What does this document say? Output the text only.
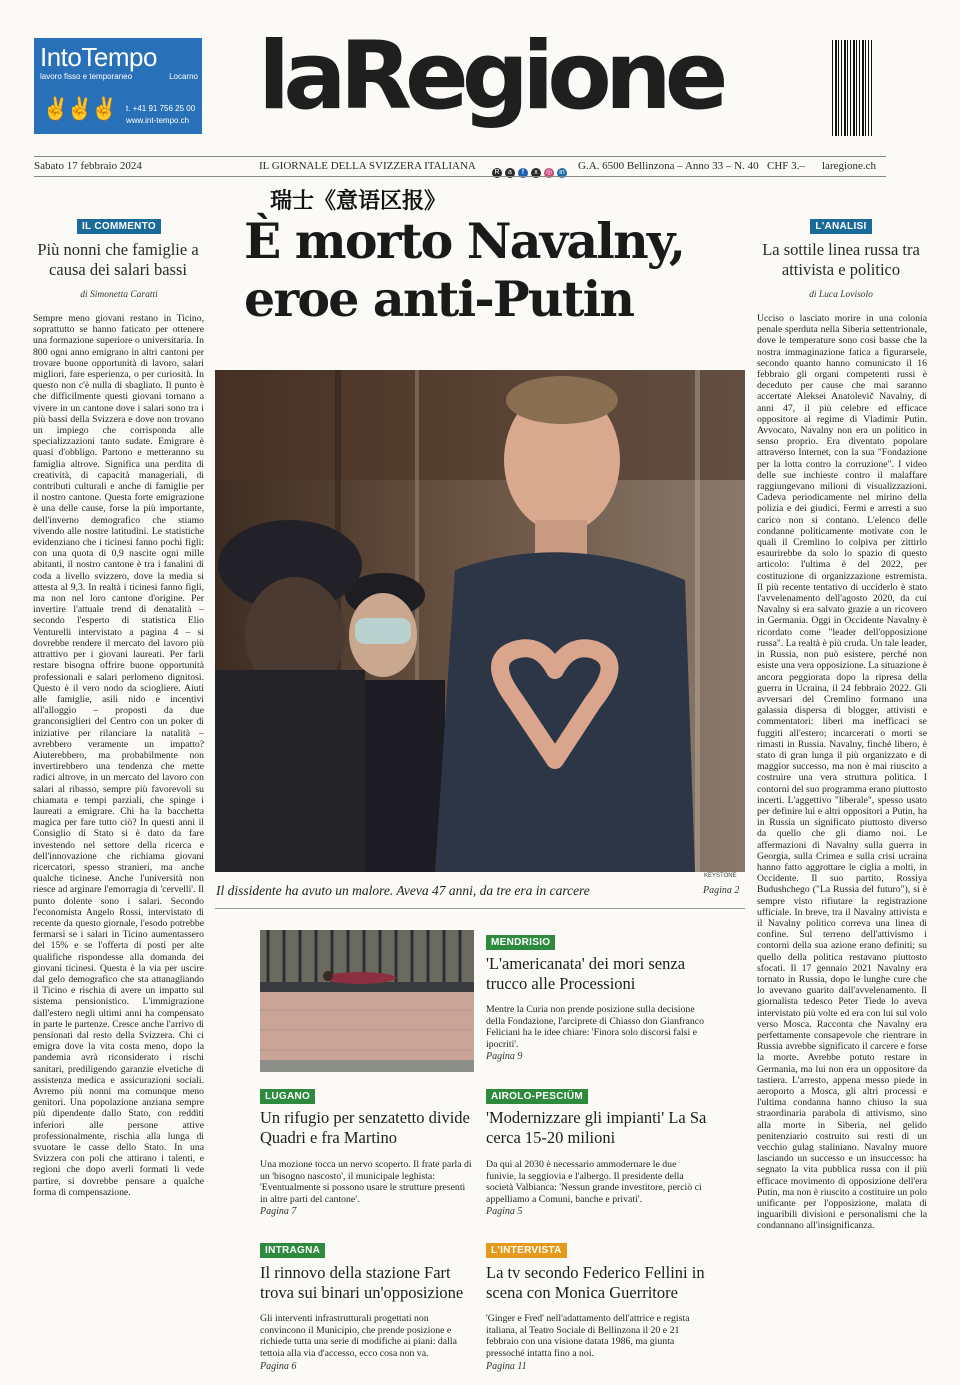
IntoTempo
lavoro fisso e temporaneo	Locarno
✌✌✌ t. +41 91 756 25 00
www.int-tempo.ch laRegione
Sabato 17 febbraio 2024	IL GIORNALE DELLA SVIZZERA ITALIANA
R	a	f	x	◎	in
G.A. 6500 Bellinzona – Anno 33 – N. 40 CHF 3.– laregione.ch
瑞士《意语区报》
IL COMMENTO
Più nonni che famiglie a causa dei salari bassi
di Simonetta Caratti
Sempre meno giovani restano in Ticino, soprattutto se hanno faticato per ottenere una formazione superiore o universitaria. In 800 ogni anno emigrano in altri cantoni per trovare buone opportunità di lavoro, salari migliori, fare esperienza, o per curiosità. In questo non c'è nulla di sbagliato. Il punto è che difficilmente questi giovani tornano a vivere in un cantone dove i salari sono tra i più bassi della Svizzera e dove non trovano un impiego che corrisponda alle specializzazioni tanto sudate. Emigrare è quasi d'obbligo. Partono e metteranno su famiglia altrove. Significa una perdita di creatività, di capacità manageriali, di contributi culturali e anche di famiglie per il nostro cantone. Questa forte emigrazione è una delle cause, forse la più importante, dell'inverno demografico che stiamo vivendo alle nostre latitudini. Le statistiche evidenziano che i ticinesi fanno pochi figli: con una quota di 0,9 nascite ogni mille abitanti, il nostro cantone è tra i fanalini di coda a livello svizzero, dove la media si attesta al 9,3. In realtà i ticinesi fanno figli, ma non nel loro cantone d'origine. Per invertire l'attuale trend di denatalità – secondo l'esperto di statistica Elio Venturelli intervistato a pagina 4 – si dovrebbe rendere il mercato del lavoro più attrattivo per i giovani laureati. Per farli restare bisogna offrire buone opportunità professionali e salari perlomeno dignitosi. Questo è il vero nodo da sciogliere. Aiuti alle famiglie, asili nido e incentivi all'alloggio – proposti da due granconsiglieri del Centro con un poker di iniziative per rilanciare la natalità – avrebbero veramente un impatto? Aiuterebbero, ma probabilmente non invertirebbero una tendenza che mette radici altrove, in un mercato del lavoro con salari al ribasso, sempre più favorevoli su chiamata e tempi parziali, che spinge i laureati a emigrare. Chi ha la bacchetta magica per fare tutto ciò? In questi anni il Consiglio di Stato si è dato da fare investendo nel settore della ricerca e dell'innovazione che richiama giovani ricercatori, spesso stranieri, ma anche qualche ticinese. Anche l'università non riesce ad arginare l'emorragia di 'cervelli'. Il punto dolente sono i salari. Secondo l'economista Angelo Rossi, intervistato di recente da questo giornale, l'esodo potrebbe fermarsi se i salari in Ticino aumentassero del 15% e se l'offerta di posti per alte qualifiche rispondesse alla domanda dei giovani ticinesi. Questa è la via per uscire dal gelo demografico che sta attanagliando il Ticino e rischia di avere un impatto sul sistema pensionistico. L'immigrazione dall'estero negli ultimi anni ha compensato in parte le partenze. Cresce anche l'arrivo di pensionati dal resto della Svizzera. Chi ci emigra dove la vita costa meno, dopo la pandemia avrà riconsiderato i rischi sanitari, prediligendo garanzie elvetiche di assistenza medica e assicurazioni sociali. Avremo più nonni ma comunque meno genitori. Una popolazione anziana sempre più dipendente dallo Stato, con redditi inferiori alle persone attive professionalmente, rischia alla lunga di svuotare le casse dello Stato. In una Svizzera con poli che attirano i talenti, e regioni che dopo averli formati li vede partire, si dovrebbe pensare a qualche forma di compensazione.
L'ANALISI
La sottile linea russa tra attivista e politico
di Luca Lovisolo
Ucciso o lasciato morire in una colonia penale sperduta nella Siberia settentrionale, dove le temperature sono così basse che la nostra immaginazione fatica a figurarsele, secondo quanto hanno comunicato il 16 febbraio gli organi competenti russi è deceduto per cause che mai saranno accertate Aleksei Anatolevič Navalny, di anni 47, il più celebre ed efficace oppositore al regime di Vladimir Putin. Avvocato, Navalny non era un politico in senso proprio. Era diventato popolare attraverso Internet, con la sua "Fondazione per la lotta contro la corruzione". I video delle sue inchieste contro il malaffare raggiungevano milioni di visualizzazioni. Cadeva periodicamente nel mirino della polizia e dei giudici. Fermi e arresti a suo carico non si contano. L'elenco delle condanne politicamente motivate con le quali il Cremlino lo colpiva per zittirlo esaurirebbe da solo lo spazio di questo articolo: l'ultima è del 2022, per costituzione di organizzazione estremista. Il più recente tentativo di ucciderlo è stato l'avvelenamento dell'agosto 2020, da cui Navalny si era salvato grazie a un ricovero in Germania. Oggi in Occidente Navalny è ricordato come "leader dell'opposizione russa". La realtà è più cruda. Un tale leader, in Russia, non può esistere, perché non esiste una vera opposizione. La situazione è ancora peggiorata dopo la ripresa della guerra in Ucraina, il 24 febbraio 2022. Gli avversari del Cremlino formano una galassia dispersa di blogger, attivisti e commentatori: liberi ma inefficaci se fuggiti all'estero; incarcerati o morti se rimasti in Russia. Navalny, finché libero, è stato di gran lunga il più organizzato e di maggior successo, ma non è mai riuscito a costruire una vera struttura politica. I contorni del suo programma erano piuttosto incerti. L'aggettivo "liberale", spesso usato per definire lui e altri oppositori a Putin, ha in Russia un significato piuttosto diverso da quello che gli diamo noi. Le affermazioni di Navalny sulla guerra in Georgia, sulla Crimea e sulla crisi ucraina hanno fatto aggrottare le ciglia a molti, in Occidente. Il suo partito, Rossiya Budushchego ("La Russia del futuro"), si è sempre visto rifiutare la registrazione ufficiale. In breve, tra il Navalny attivista e il Navalny politico correva una linea di confine. Sul terreno dell'attivismo i contorni della sua azione erano definiti; su quello della politica restavano piuttosto sfocati. Il 17 gennaio 2021 Navalny era tornato in Russia, dopo le lunghe cure che lo avevano guarito dall'avvelenamento. Il giornalista tedesco Peter Tiede lo aveva intervistato più volte ed era con lui sul volo verso Mosca. Racconta che Navalny era perfettamente consapevole che rientrare in Russia avrebbe significato il carcere e forse la morte. Avrebbe potuto restare in Germania, ma lui non era un oppositore da tastiera. L'arresto, appena messo piede in aeroporto a Mosca, gli altri processi e l'ultima condanna hanno chiuso la sua straordinaria parabola di attivismo, sino alla morte in Siberia, nel gelido penitenziario costruito sui resti di un vecchio gulag staliniano. Navalny muore lasciando un successo e un insuccesso: ha segnato la vita pubblica russa con il più efficace movimento di opposizione dell'era Putin, ma non è riuscito a costituire un polo unificante per l'opposizione, malata di inguaribili divisioni e personalismi che la condannano all'insignificanza.
È morto Navalny,
eroe anti-Putin
KEYSTONE
Il dissidente ha avuto un malore. Aveva 47 anni, da tre era in carcere	Pagina 2
MENDRISIO
'L'americanata' dei mori senza trucco alle Processioni
Mentre la Curia non prende posizione sulla decisione della Fondazione, l'arciprete di Chiasso don Gianfranco Feliciani ha le idee chiare: 'Finora solo discorsi falsi e ipocriti'.
Pagina 9
LUGANO
Un rifugio per senzatetto divide Quadri e fra Martino
Una mozione tocca un nervo scoperto. Il frate parla di un 'bisogno nascosto', il municipale leghista: 'Eventualmente si possono usare le strutture presenti in altre parti del cantone'.
Pagina 7
AIROLO-PESCIÜM
'Modernizzare gli impianti' La Sa cerca 15-20 milioni
Da qui al 2030 è necessario ammodernare le due funivie, la seggiovia e l'albergo. Il presidente della società Valbianca: 'Nessun grande investitore, perciò ci appelliamo a Comuni, banche e privati'.
Pagina 5
INTRAGNA
Il rinnovo della stazione Fart trova sui binari un'opposizione
Gli interventi infrastrutturali progettati non convincono il Municipio, che prende posizione e richiede tutta una serie di modifiche ai piani: dalla tettoia alla via d'accesso, ecco cosa non va.
Pagina 6
L'INTERVISTA
La tv secondo Federico Fellini in scena con Monica Guerritore
'Ginger e Fred' nell'adattamento dell'attrice e regista italiana, al Teatro Sociale di Bellinzona il 20 e 21 febbraio con una visione datata 1986, ma giunta pressoché intatta fino a noi.
Pagina 11
